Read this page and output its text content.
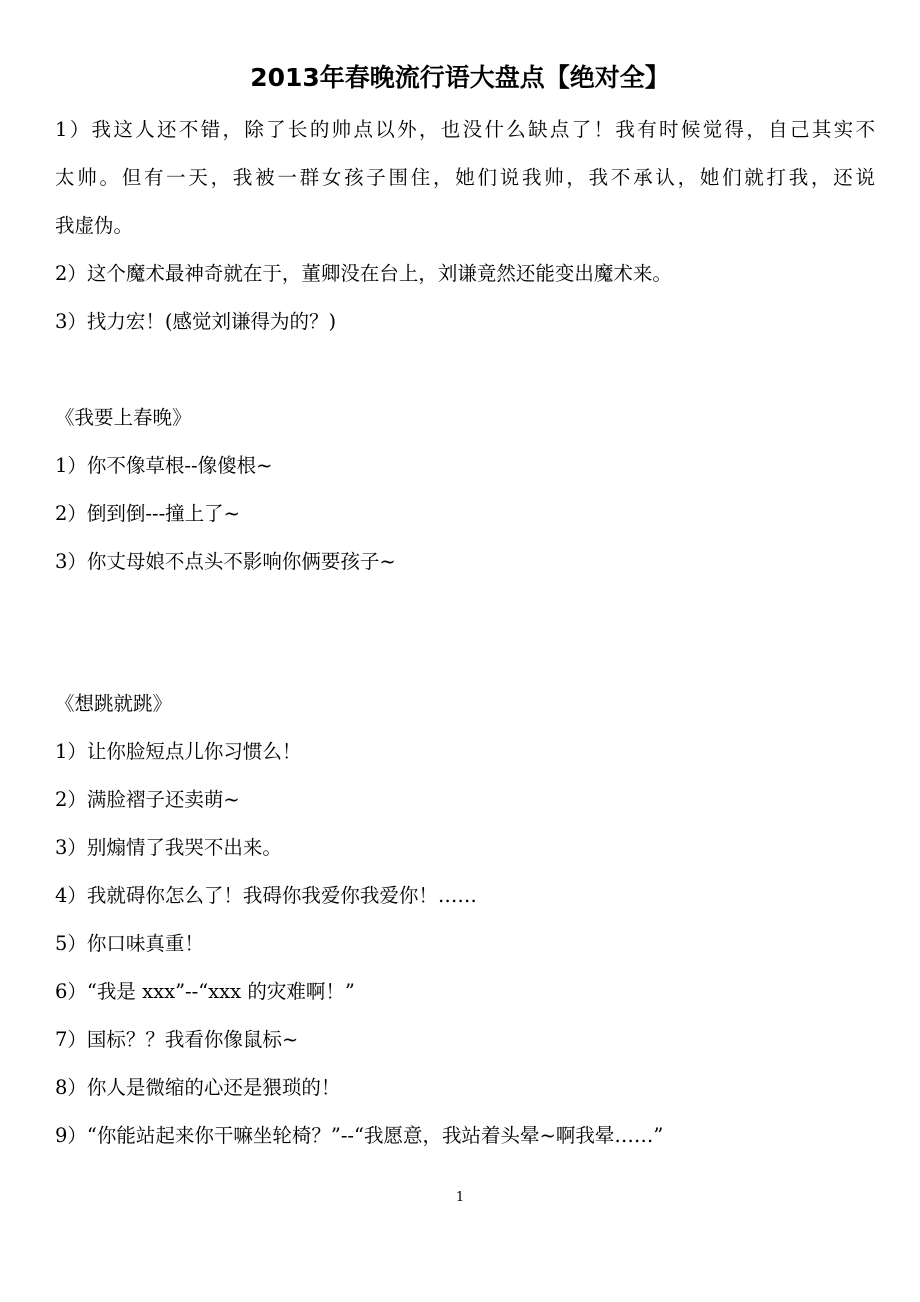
2013年春晚流行语大盘点【绝对全】

1）我这人还不错，除了长的帅点以外，也没什么缺点了！我有时候觉得，自己其实不

太帅。但有一天，我被一群女孩子围住，她们说我帅，我不承认，她们就打我，还说

我虚伪。

2）这个魔术最神奇就在于，董卿没在台上，刘谦竟然还能变出魔术来。

3）找力宏！(感觉刘谦得为的？)

《我要上春晚》

1）你不像草根--像傻根~

2）倒到倒---撞上了~

3）你丈母娘不点头不影响你俩要孩子~

《想跳就跳》

1）让你脸短点儿你习惯么！

2）满脸褶子还卖萌~

3）别煽情了我哭不出来。

4）我就碍你怎么了！我碍你我爱你我爱你！……

5）你口味真重！

6）“我是 xxx”--“xxx 的灾难啊！”

7）国标？？我看你像鼠标~

8）你人是微缩的心还是猥琐的！

9）“你能站起来你干嘛坐轮椅？”--“我愿意，我站着头晕~啊我晕……”

1
